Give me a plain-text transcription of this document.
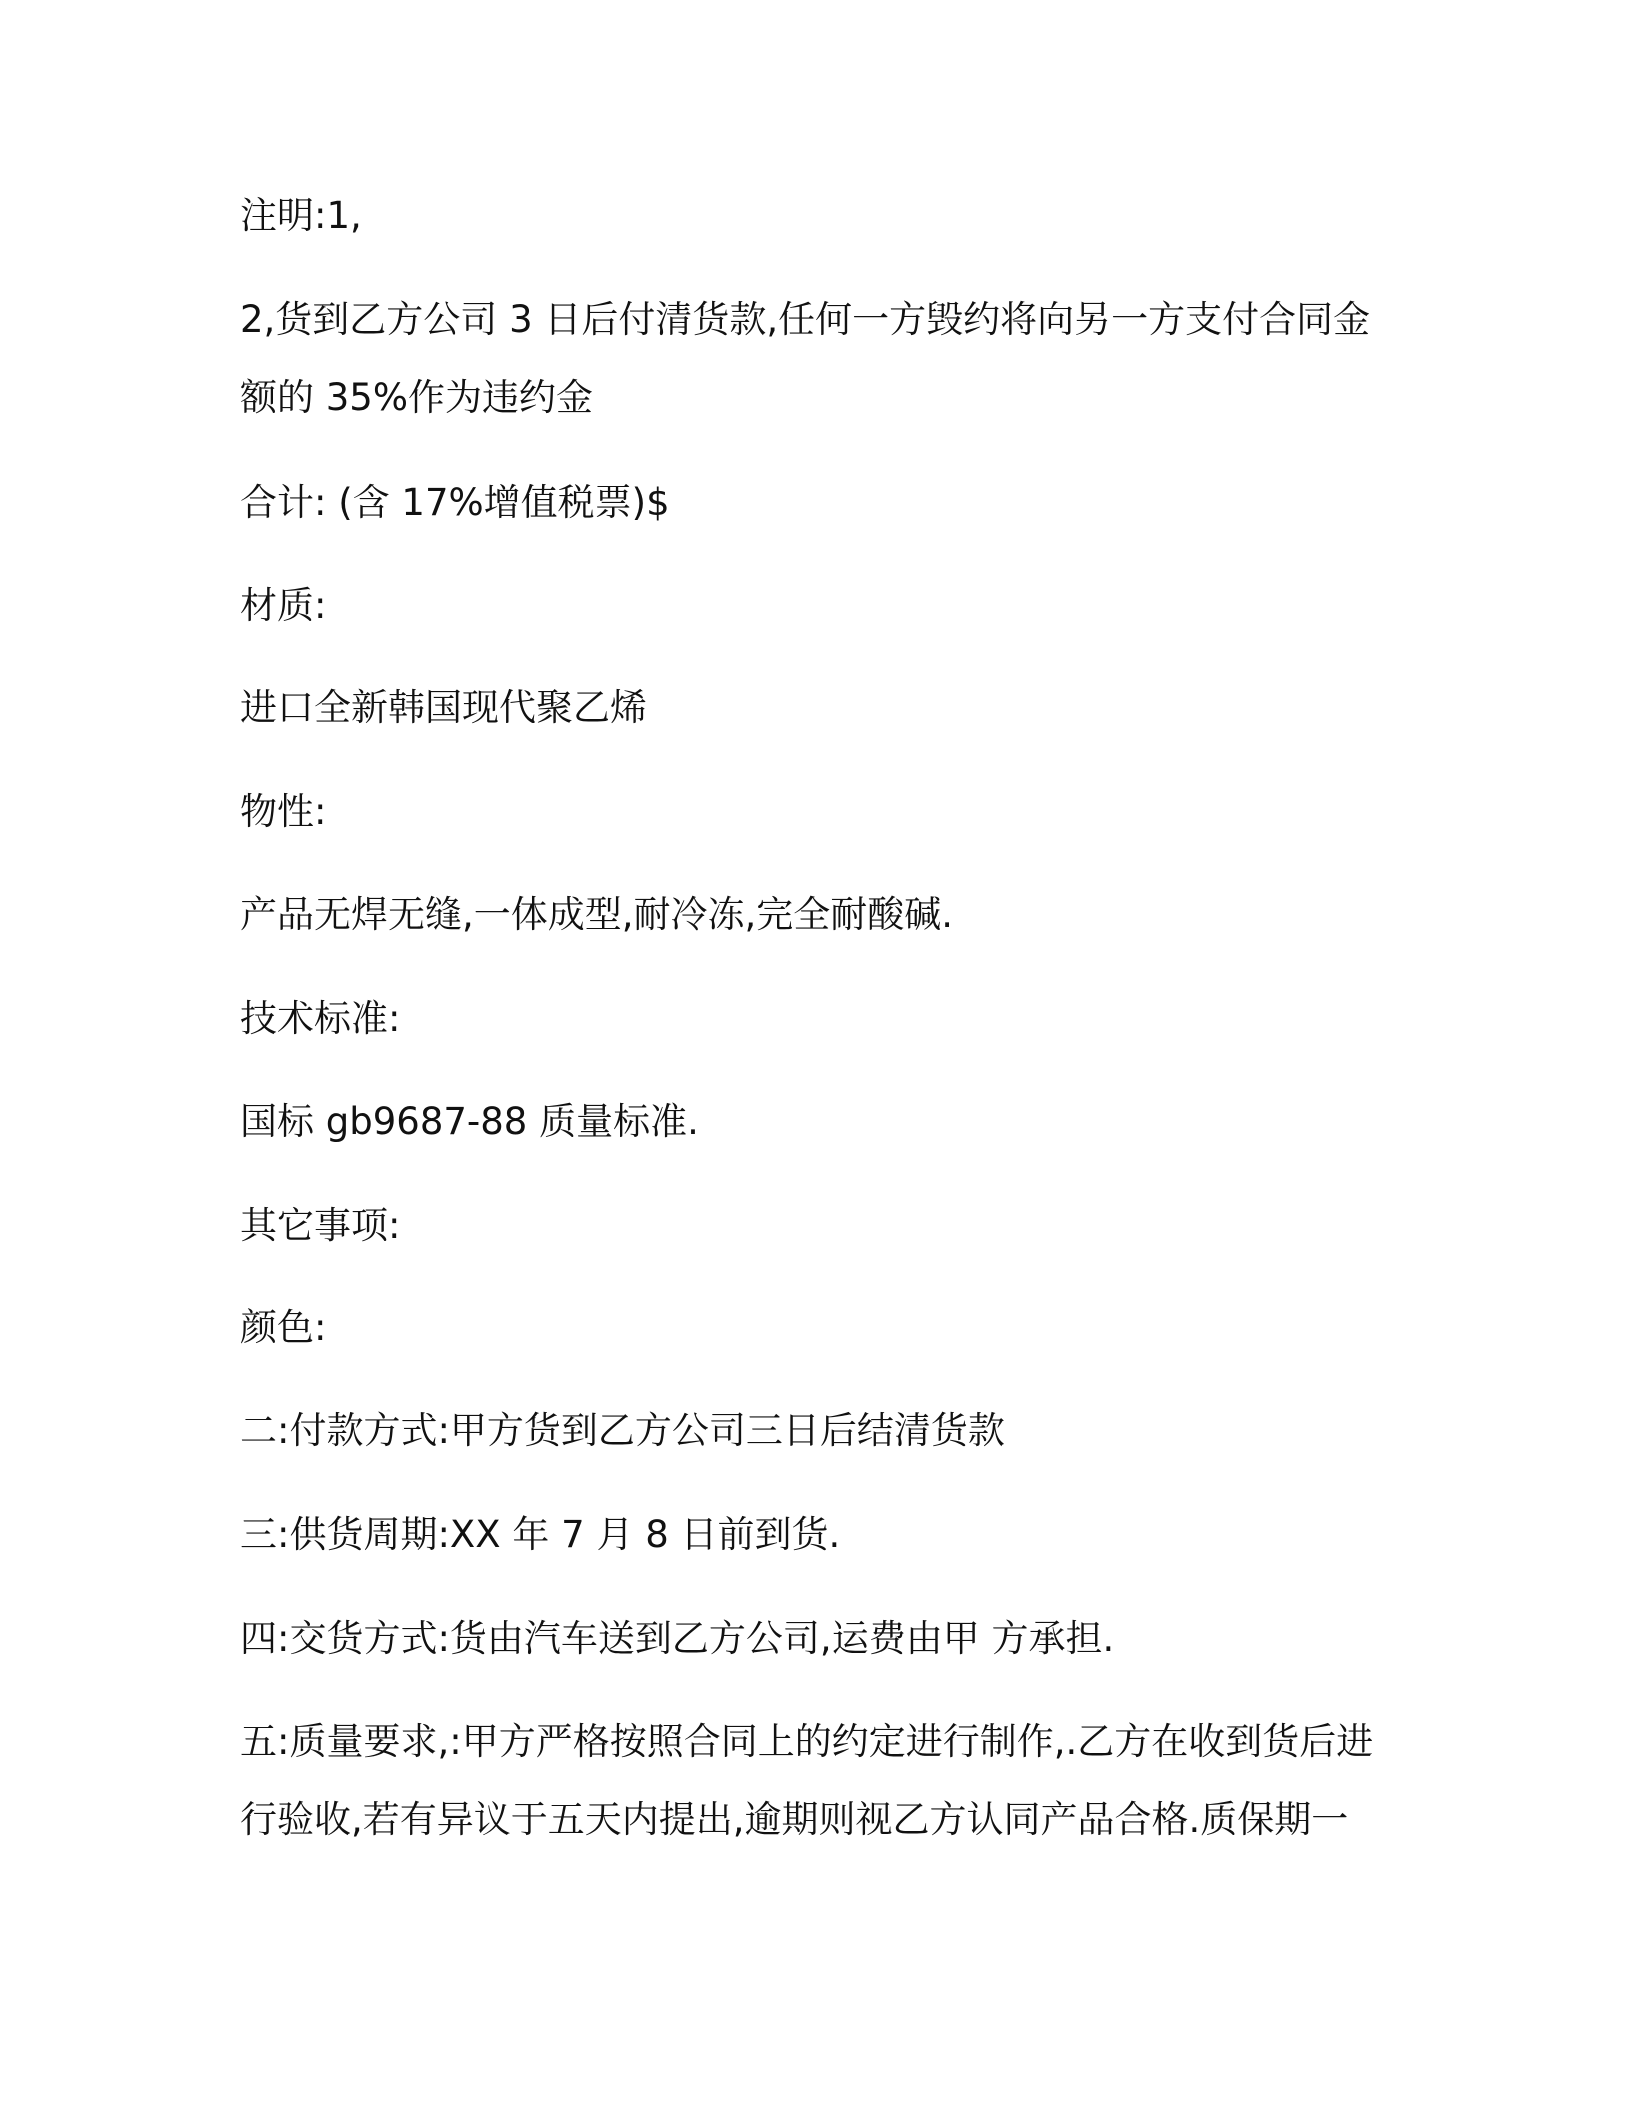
注明:1,

2,货到乙方公司 3 日后付清货款,任何一方毁约将向另一方支付合同金

额的 35%作为违约金

合计: (含 17%增值税票)$

材质:

进口全新韩国现代聚乙烯

物性:

产品无焊无缝,一体成型,耐冷冻,完全耐酸碱.

技术标准:

国标 gb9687-88 质量标准.

其它事项:

颜色:

二:付款方式:甲方货到乙方公司三日后结清货款

三:供货周期:XX 年 7 月 8 日前到货.

四:交货方式:货由汽车送到乙方公司,运费由甲 方承担.

五:质量要求,:甲方严格按照合同上的约定进行制作,.乙方在收到货后进

行验收,若有异议于五天内提出,逾期则视乙方认同产品合格.质保期一
